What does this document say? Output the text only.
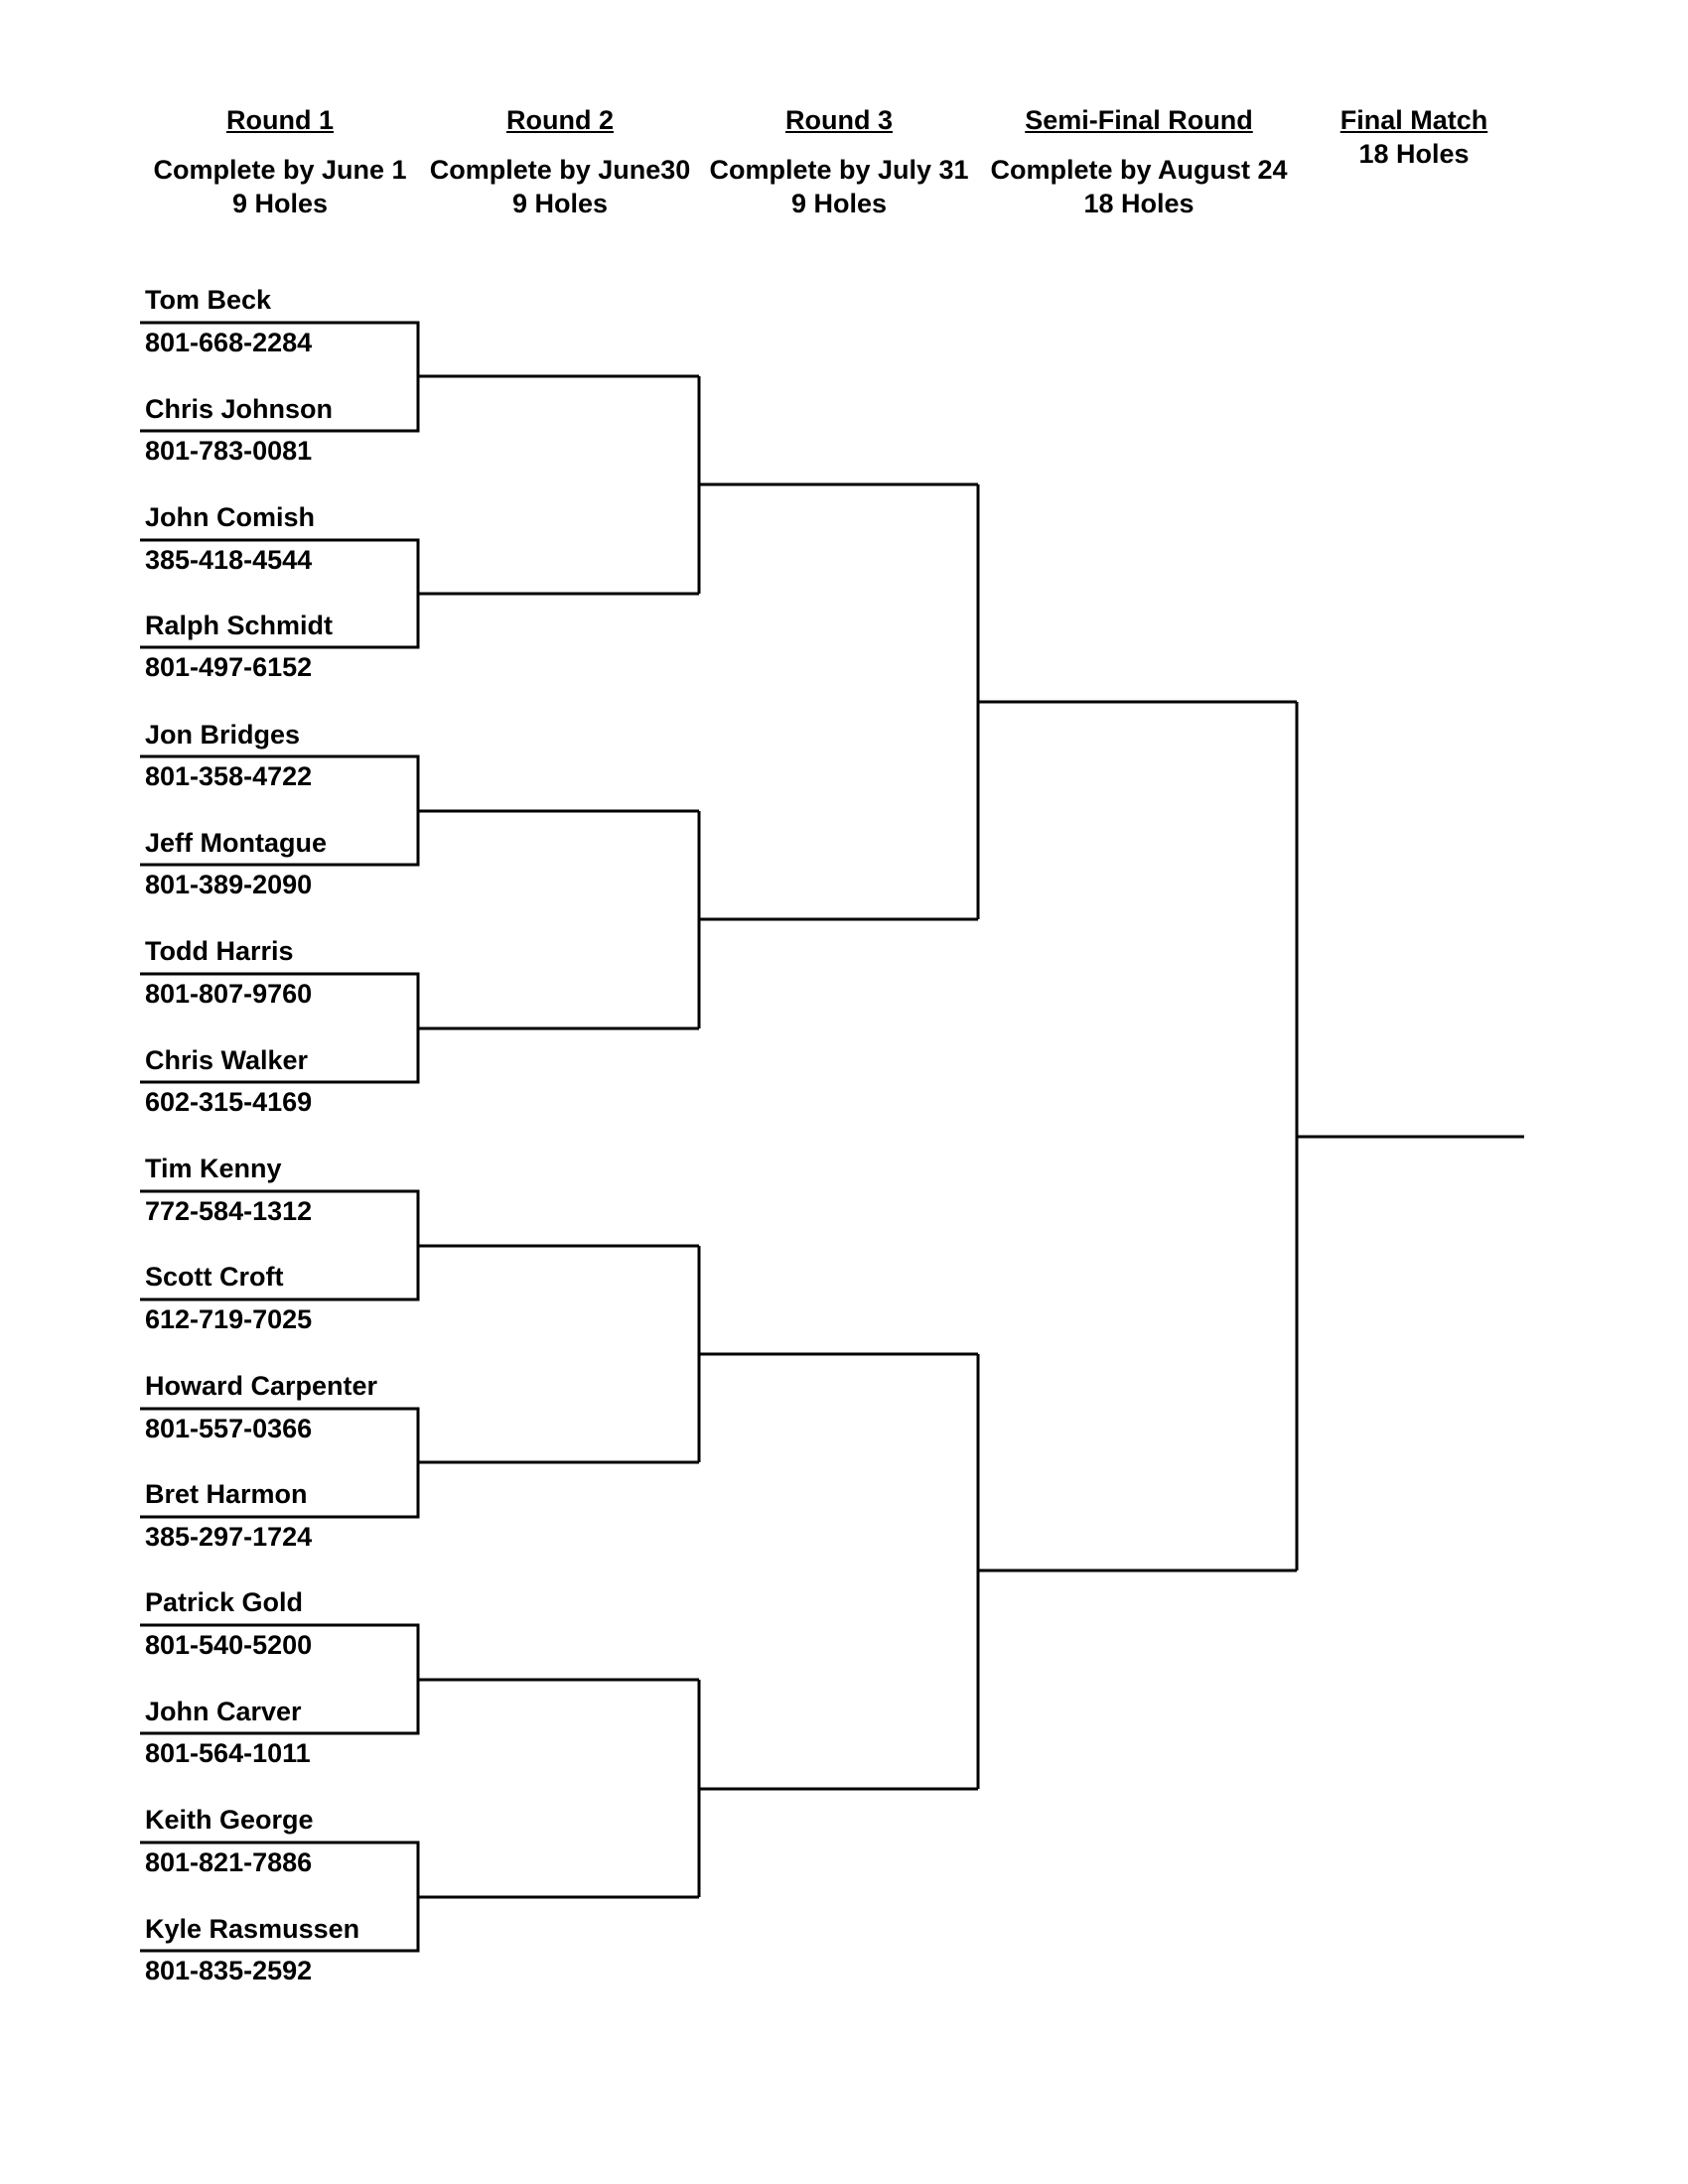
Round 1
Complete by June 1
9 Holes
Round 2
Complete by June30
9 Holes
Round 3
Complete by July 31
9 Holes
Semi-Final Round
Complete by August 24
18 Holes
Final Match
18 Holes
Tom Beck
801-668-2284
Chris Johnson
801-783-0081
John Comish
385-418-4544
Ralph Schmidt
801-497-6152
Jon Bridges
801-358-4722
Jeff Montague
801-389-2090
Todd Harris
801-807-9760
Chris Walker
602-315-4169
Tim Kenny
772-584-1312
Scott Croft
612-719-7025
Howard Carpenter
801-557-0366
Bret Harmon
385-297-1724
Patrick Gold
801-540-5200
John Carver
801-564-1011
Keith George
801-821-7886
Kyle Rasmussen
801-835-2592
